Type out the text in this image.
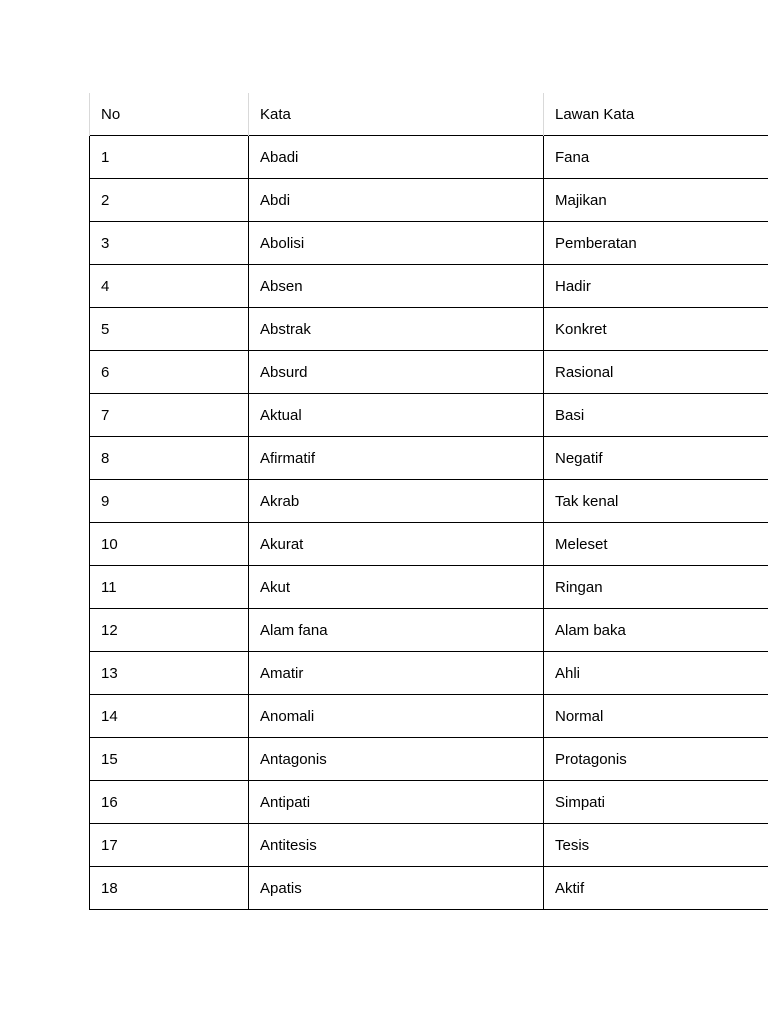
No	Kata	Lawan Kata
1	Abadi	Fana
2	Abdi	Majikan
3	Abolisi	Pemberatan
4	Absen	Hadir
5	Abstrak	Konkret
6	Absurd	Rasional
7	Aktual	Basi
8	Afirmatif	Negatif
9	Akrab	Tak kenal
10	Akurat	Meleset
11	Akut	Ringan
12	Alam fana	Alam baka
13	Amatir	Ahli
14	Anomali	Normal
15	Antagonis	Protagonis
16	Antipati	Simpati
17	Antitesis	Tesis
18	Apatis	Aktif
